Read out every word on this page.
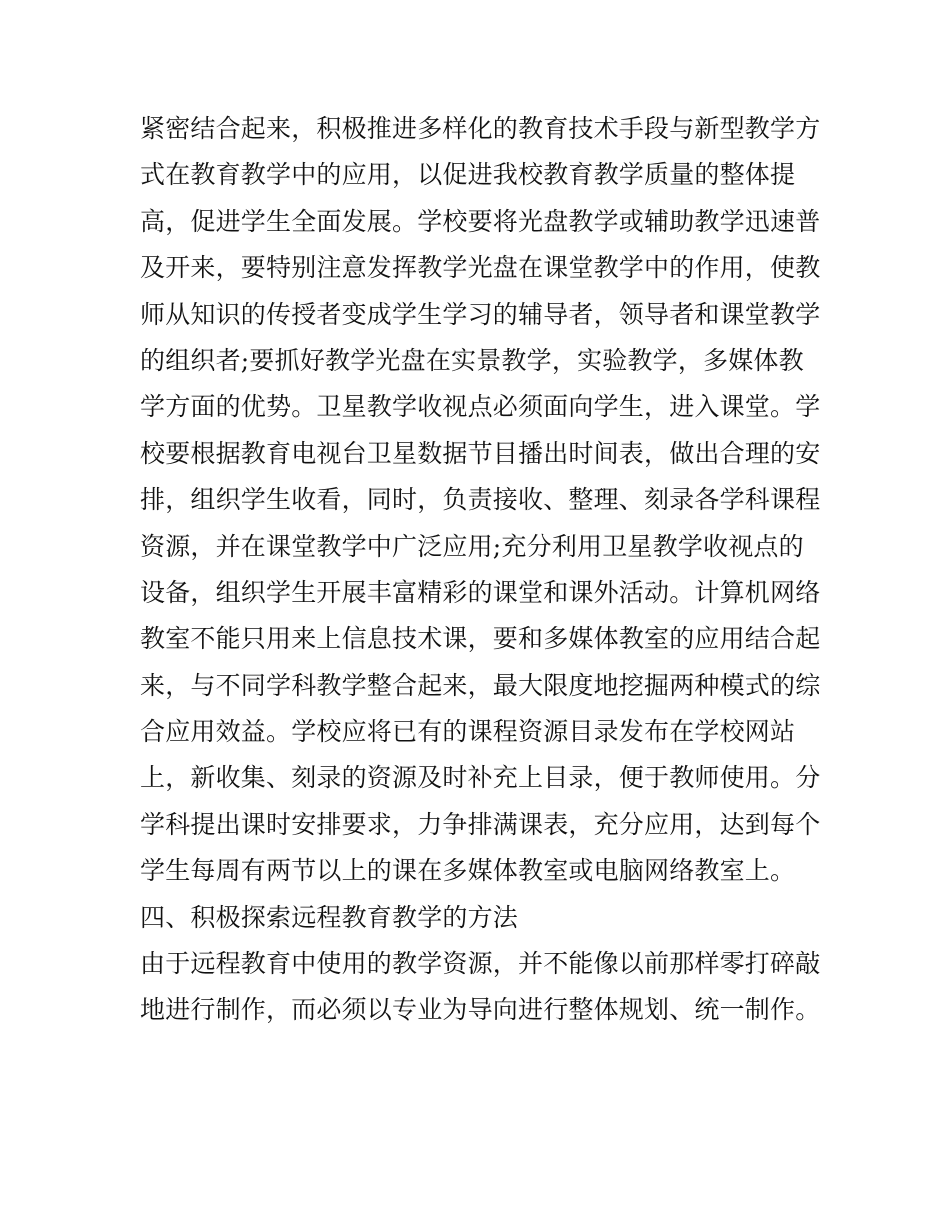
紧密结合起来，积极推进多样化的教育技术手段与新型教学方
式在教育教学中的应用，以促进我校教育教学质量的整体提
高，促进学生全面发展。学校要将光盘教学或辅助教学迅速普
及开来，要特别注意发挥教学光盘在课堂教学中的作用，使教
师从知识的传授者变成学生学习的辅导者，领导者和课堂教学
的组织者;要抓好教学光盘在实景教学，实验教学，多媒体教
学方面的优势。卫星教学收视点必须面向学生，进入课堂。学
校要根据教育电视台卫星数据节目播出时间表，做出合理的安
排，组织学生收看，同时，负责接收、整理、刻录各学科课程
资源，并在课堂教学中广泛应用;充分利用卫星教学收视点的
设备，组织学生开展丰富精彩的课堂和课外活动。计算机网络
教室不能只用来上信息技术课，要和多媒体教室的应用结合起
来，与不同学科教学整合起来，最大限度地挖掘两种模式的综
合应用效益。学校应将已有的课程资源目录发布在学校网站
上，新收集、刻录的资源及时补充上目录，便于教师使用。分
学科提出课时安排要求，力争排满课表，充分应用，达到每个
学生每周有两节以上的课在多媒体教室或电脑网络教室上。
四、积极探索远程教育教学的方法
由于远程教育中使用的教学资源，并不能像以前那样零打碎敲
地进行制作，而必须以专业为导向进行整体规划、统一制作。
